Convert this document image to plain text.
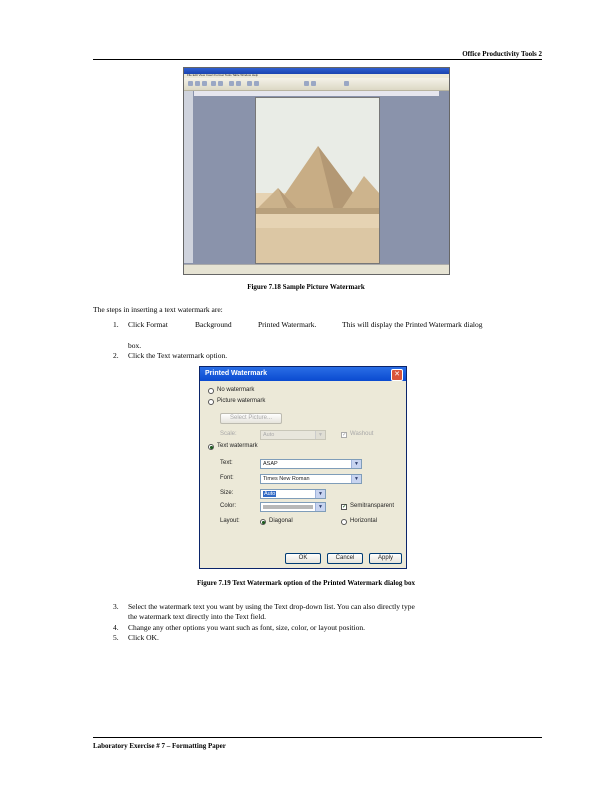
Office Productivity Tools 2
File Edit View Insert Format Tools Table Window Help
Figure 7.18 Sample Picture Watermark
The steps in inserting a text watermark are:
1. Click Format	Background	Printed Watermark.	This will display the Printed Watermark dialog
box.
2. Click the Text watermark option.
Printed Watermark	✕
No watermark
Picture watermark
Select Picture...
Scale:	Auto	▼	✓ Washout
Text watermark
Text:	ASAP	▼
Font:	Times New Roman	▼
Size:	Auto	▼
Color:	▼	✓ Semitransparent
Layout:	Diagonal	Horizontal
OK	Cancel	Apply
Figure 7.19 Text Watermark option of the Printed Watermark dialog box
3. Select the watermark text you want by using the Text drop-down list. You can also directly type
the watermark text directly into the Text field.
4. Change any other options you want such as font, size, color, or layout position.
5. Click OK.
Laboratory Exercise # 7 – Formatting Paper
